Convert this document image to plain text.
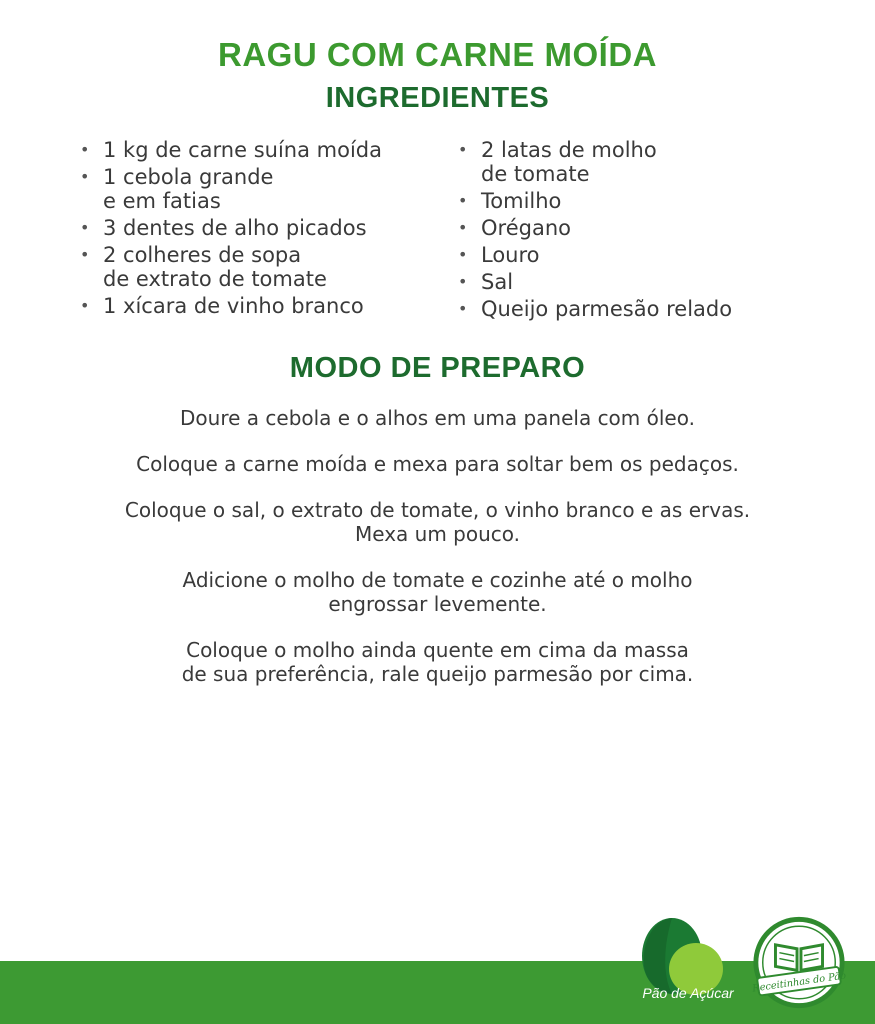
RAGU COM CARNE MOÍDA
INGREDIENTES
• 1 kg de carne suína moída
• 1 cebola grande
e em fatias
• 3 dentes de alho picados
• 2 colheres de sopa
de extrato de tomate
• 1 xícara de vinho branco
• 2 latas de molho
de tomate
• Tomilho
• Orégano
• Louro
• Sal
• Queijo parmesão relado
MODO DE PREPARO

Doure a cebola e o alhos em uma panela com óleo.

Coloque a carne moída e mexa para soltar bem os pedaços.

Coloque o sal, o extrato de tomate, o vinho branco e as ervas.
Mexa um pouco.

Adicione o molho de tomate e cozinhe até o molho
engrossar levemente.

Coloque o molho ainda quente em cima da massa
de sua preferência, rale queijo parmesão por cima.

Pão de Açúcar	Receitinhas do Pão
